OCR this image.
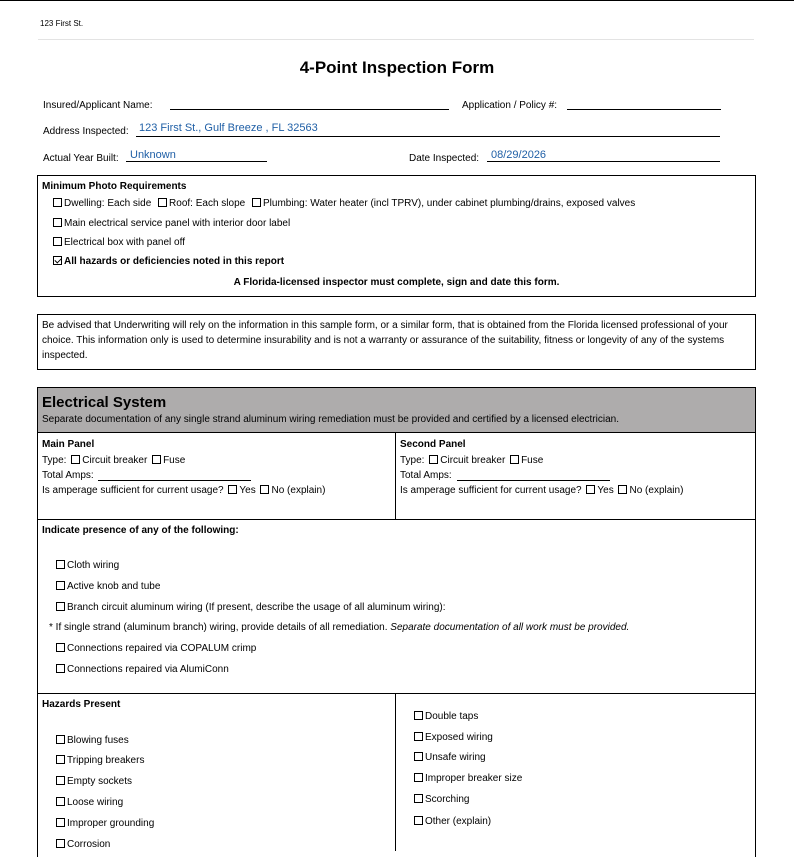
123 First St.
4-Point Inspection Form
Insured/Applicant Name:	Application / Policy #:
Address Inspected: 123 First St., Gulf Breeze , FL 32563
Actual Year Built: Unknown	Date Inspected: 08/29/2026
Minimum Photo Requirements
Dwelling: Each side Roof: Each slope Plumbing: Water heater (incl TPRV), under cabinet plumbing/drains, exposed valves
Main electrical service panel with interior door label
Electrical box with panel off
All hazards or deficiencies noted in this report
A Florida-licensed inspector must complete, sign and date this form.
Be advised that Underwriting will rely on the information in this sample form, or a similar form, that is obtained from the Florida licensed professional of your choice. This information only is used to determine insurability and is not a warranty or assurance of the suitability, fitness or longevity of any of the systems inspected.
Electrical System
Separate documentation of any single strand aluminum wiring remediation must be provided and certified by a licensed electrician.
Main Panel
Type: Circuit breaker Fuse
Total Amps:
Is amperage sufficient for current usage? Yes No (explain)
Second Panel
Type: Circuit breaker Fuse
Total Amps:
Is amperage sufficient for current usage? Yes No (explain)
Indicate presence of any of the following:
Cloth wiring
Active knob and tube
Branch circuit aluminum wiring (If present, describe the usage of all aluminum wiring):
* If single strand (aluminum branch) wiring, provide details of all remediation. Separate documentation of all work must be provided.
Connections repaired via COPALUM crimp
Connections repaired via AlumiConn
Hazards Present
Blowing fuses
Tripping breakers
Empty sockets
Loose wiring
Improper grounding
Corrosion
Double taps
Exposed wiring
Unsafe wiring
Improper breaker size
Scorching
Other (explain)
